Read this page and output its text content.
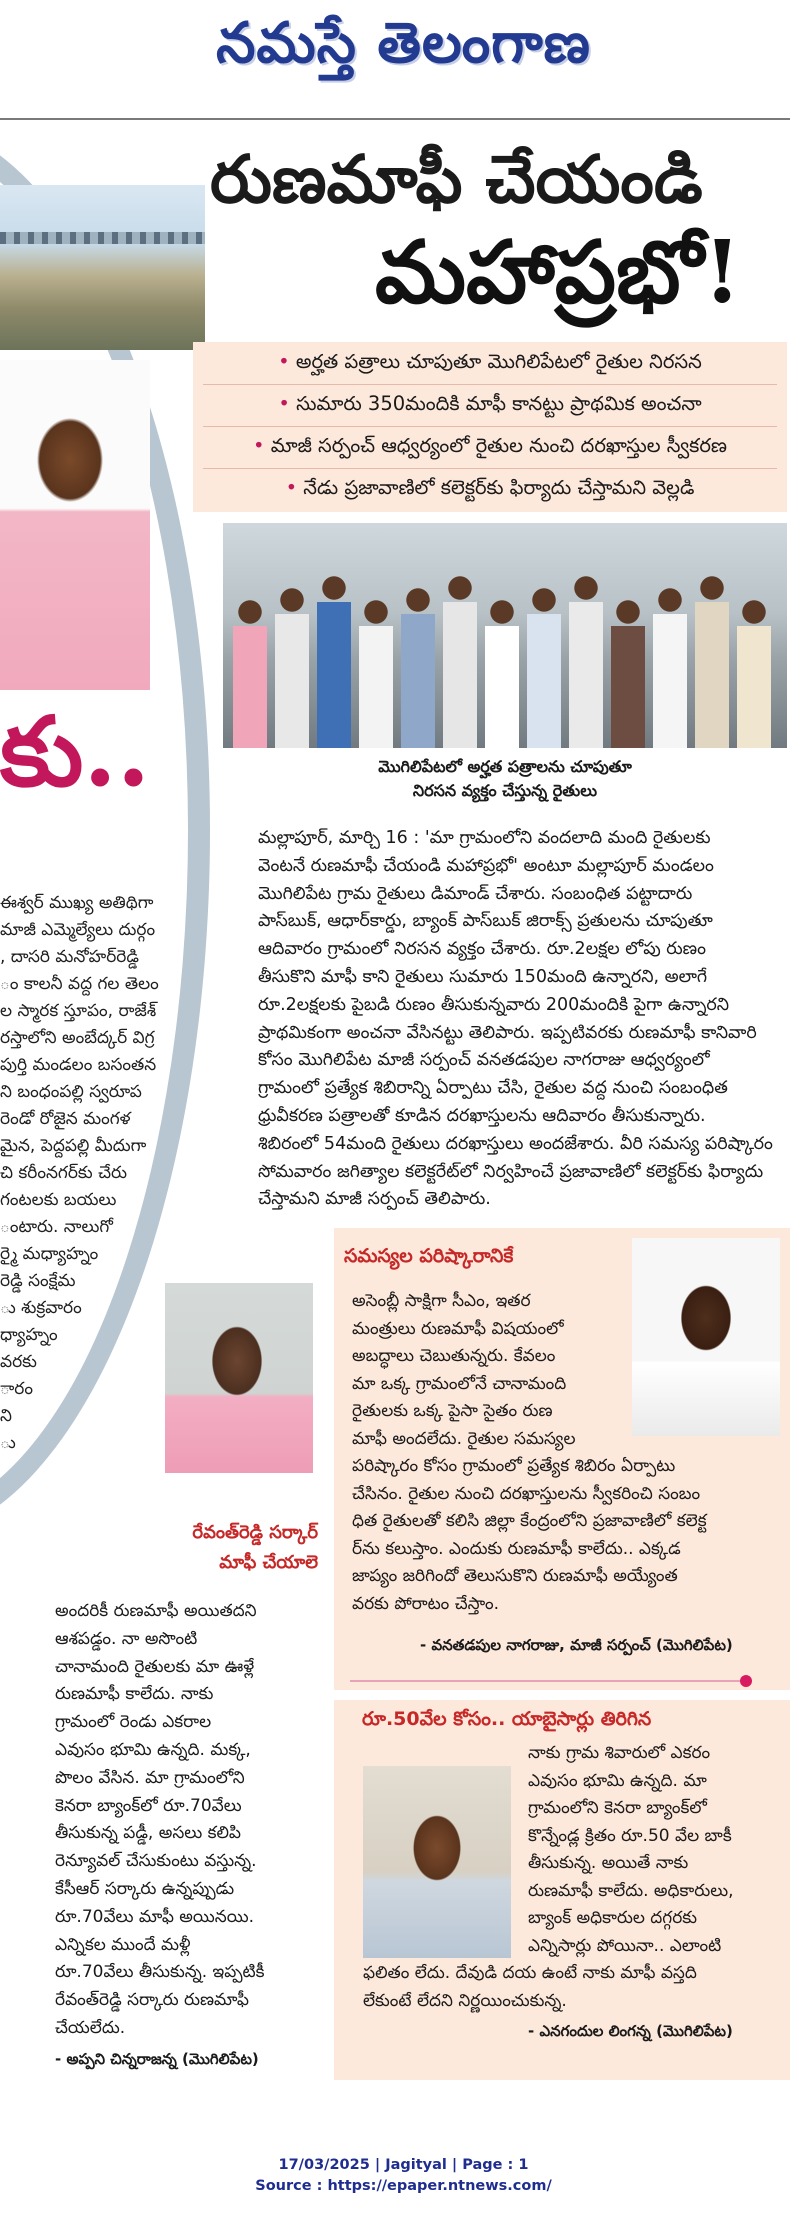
నమస్తే తెలంగాణ
కు..
ఈశ్వర్ ముఖ్య అతిథిగా
మాజీ ఎమ్మెల్యేలు దుర్గం
, దాసరి మనోహర్‌రెడ్డి
ం కాలనీ వద్ద గల తెలం
ల స్మారక స్తూపం, రాజేశ్
రస్తాలోని అంబేద్కర్ విగ్ర
పుర్తి మండలం బసంతన
ని బంధంపల్లి స్వరూప
రెండో రోజైన మంగళ
మైన, పెద్దపల్లి మీదుగా
చి కరీంనగర్‌కు చేరు
గంటలకు బయలు
ంటారు. నాలుగో
ర్మై మధ్యాహ్నం
రెడ్డి సంక్షేమ
ు శుక్రవారం
ధ్యాహ్నం
వరకు
ారం
ని
ు
రుణమాఫీ చేయండి
మహాప్రభో!
• అర్హత పత్రాలు చూపుతూ మొగిలిపేటలో రైతుల నిరసన
• సుమారు 350మందికి మాఫీ కానట్టు ప్రాథమిక అంచనా
• మాజీ సర్పంచ్ ఆధ్వర్యంలో రైతుల నుంచి దరఖాస్తుల స్వీకరణ
• నేడు ప్రజావాణిలో కలెక్టర్‌కు ఫిర్యాదు చేస్తామని వెల్లడి
మొగిలిపేటలో అర్హత పత్రాలను చూపుతూ
నిరసన వ్యక్తం చేస్తున్న రైతులు
మల్లాపూర్, మార్చి 16 : 'మా గ్రామంలోని వందలాది మంది రైతులకు
వెంటనే రుణమాఫీ చేయండి మహాప్రభో' అంటూ మల్లాపూర్ మండలం
మొగిలిపేట గ్రామ రైతులు డిమాండ్ చేశారు. సంబంధిత పట్టాదారు
పాస్‌బుక్, ఆధార్‌కార్డు, బ్యాంక్ పాస్‌బుక్ జిరాక్స్ ప్రతులను చూపుతూ
ఆదివారం గ్రామంలో నిరసన వ్యక్తం చేశారు. రూ.2లక్షల లోపు రుణం
తీసుకొని మాఫీ కాని రైతులు సుమారు 150మంది ఉన్నారని, అలాగే
రూ.2లక్షలకు పైబడి రుణం తీసుకున్నవారు 200మందికి పైగా ఉన్నారని
ప్రాథమికంగా అంచనా వేసినట్టు తెలిపారు. ఇప్పటివరకు రుణమాఫీ కానివారి
కోసం మొగిలిపేట మాజీ సర్పంచ్ వనతడపుల నాగరాజు ఆధ్వర్యంలో
గ్రామంలో ప్రత్యేక శిబిరాన్ని ఏర్పాటు చేసి, రైతుల వద్ద నుంచి సంబంధిత
ధ్రువీకరణ పత్రాలతో కూడిన దరఖాస్తులను ఆదివారం తీసుకున్నారు.
శిబిరంలో 54మంది రైతులు దరఖాస్తులు అందజేశారు. వీరి సమస్య పరిష్కారం
సోమవారం జగిత్యాల కలెక్టరేట్‌లో నిర్వహించే ప్రజావాణిలో కలెక్టర్‌కు ఫిర్యాదు
చేస్తామని మాజీ సర్పంచ్ తెలిపారు.
రేవంత్‌రెడ్డి సర్కార్
మాఫీ చేయాలె
అందరికీ రుణమాఫీ అయితదని
ఆశపడ్డం. నా అసొంటి
చానామంది రైతులకు మా ఊళ్లే
రుణమాఫీ కాలేదు. నాకు
గ్రామంలో రెండు ఎకరాల
ఎవుసం భూమి ఉన్నది. మక్క,
పొలం వేసిన. మా గ్రామంలోని
కెనరా బ్యాంక్‌లో రూ.70వేలు
తీసుకున్న పడ్డీ, అసలు కలిపి
రెన్యూవల్ చేసుకుంటు వస్తున్న.
కేసీఆర్ సర్కారు ఉన్నప్పుడు
రూ.70వేలు మాఫీ అయినయి.
ఎన్నికల ముందే మళ్లీ
రూ.70వేలు తీసుకున్న. ఇప్పటికీ
రేవంత్‌రెడ్డి సర్కారు రుణమాఫీ
చేయలేదు.
- అప్పని చిన్నరాజన్న (మొగిలిపేట)
సమస్యల పరిష్కారానికే
అసెంబ్లీ సాక్షిగా సీఎం, ఇతర
మంత్రులు రుణమాఫీ విషయంలో
అబద్ధాలు చెబుతున్నరు. కేవలం
మా ఒక్క గ్రామంలోనే చానామంది
రైతులకు ఒక్క పైసా సైతం రుణ
మాఫీ అందలేదు. రైతుల సమస్యల
పరిష్కారం కోసం గ్రామంలో ప్రత్యేక శిబిరం ఏర్పాటు
చేసినం. రైతుల నుంచి దరఖాస్తులను స్వీకరించి సంబం
ధిత రైతులతో కలిసి జిల్లా కేంద్రంలోని ప్రజావాణిలో కలెక్ట
ర్‌ను కలుస్తాం. ఎందుకు రుణమాఫీ కాలేదు.. ఎక్కడ
జాప్యం జరిగిందో తెలుసుకొని రుణమాఫీ అయ్యేంత
వరకు పోరాటం చేస్తాం.
- వనతడపుల నాగరాజు, మాజీ సర్పంచ్ (మొగిలిపేట)
రూ.50వేల కోసం.. యాబైసార్లు తిరిగిన
నాకు గ్రామ శివారులో ఎకరం
ఎవుసం భూమి ఉన్నది. మా
గ్రామంలోని కెనరా బ్యాంక్‌లో
కొన్నేండ్ల క్రితం రూ.50 వేల బాకీ
తీసుకున్న. అయితే నాకు
రుణమాఫీ కాలేదు. అధికారులు,
బ్యాంక్ అధికారుల దగ్గరకు
ఎన్నిసార్లు పోయినా.. ఎలాంటి
ఫలితం లేదు. దేవుడి దయ ఉంటే నాకు మాఫీ వస్తది
లేకుంటే లేదని నిర్ణయించుకున్న.
- ఎనగందుల లింగన్న (మొగిలిపేట)
17/03/2025 | Jagityal | Page : 1
Source : https://epaper.ntnews.com/
